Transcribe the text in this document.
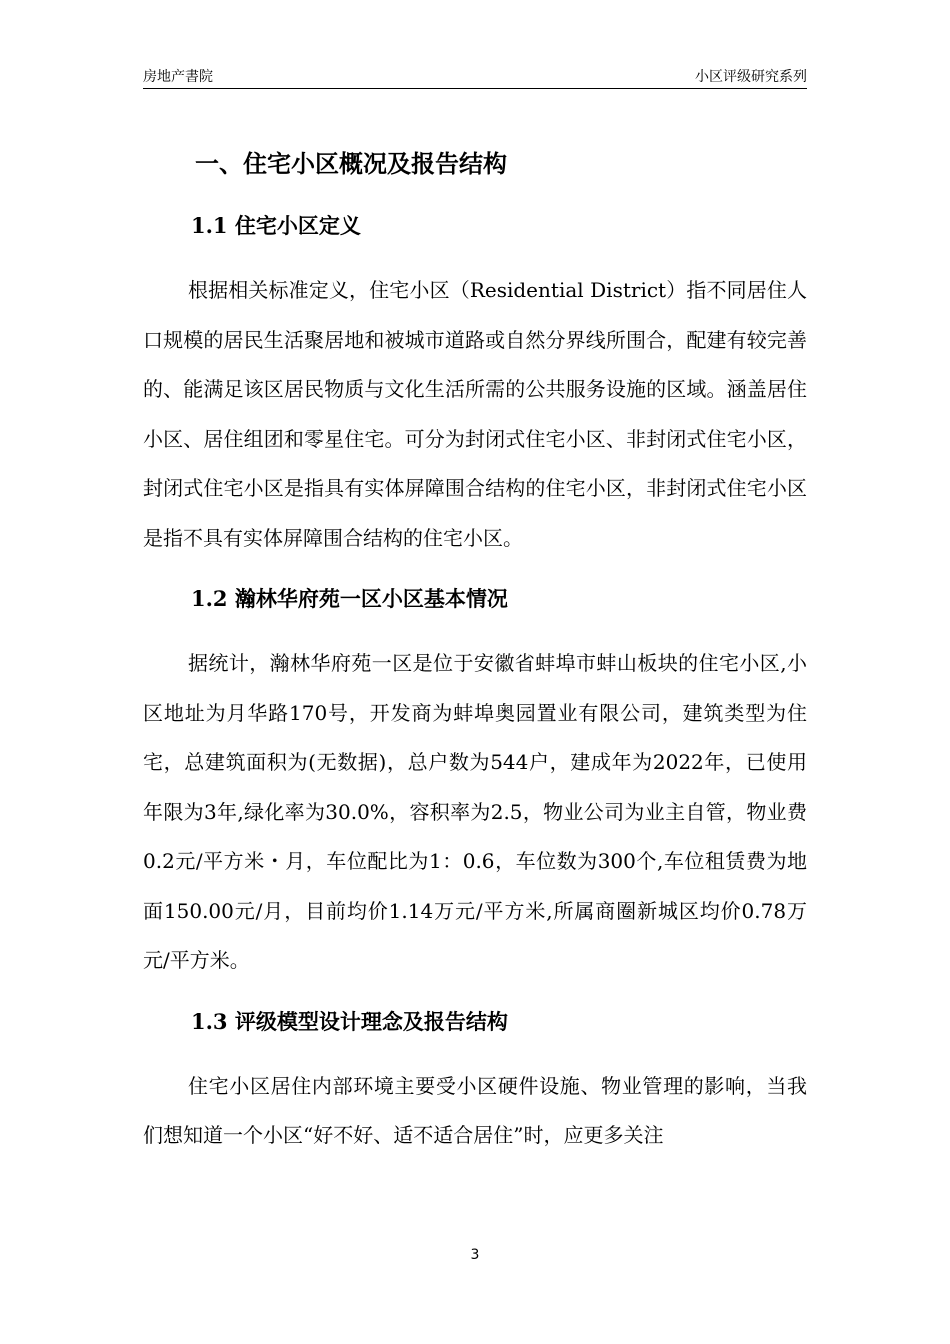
房地产書院	小区评级研究系列
一、住宅小区概况及报告结构
1.1 住宅小区定义

根据相关标准定义，住宅小区（Residential District）指不同居住人口规模的居民生活聚居地和被城市道路或自然分界线所围合，配建有较完善的、能满足该区居民物质与文化生活所需的公共服务设施的区域。涵盖居住小区、居住组团和零星住宅。可分为封闭式住宅小区、非封闭式住宅小区，封闭式住宅小区是指具有实体屏障围合结构的住宅小区，非封闭式住宅小区是指不具有实体屏障围合结构的住宅小区。

1.2 瀚林华府苑一区小区基本情况

据统计，瀚林华府苑一区是位于安徽省蚌埠市蚌山板块的住宅小区,小区地址为月华路170号，开发商为蚌埠奥园置业有限公司，建筑类型为住宅，总建筑面积为(无数据)，总户数为544户，建成年为2022年，已使用年限为3年,绿化率为30.0%，容积率为2.5，物业公司为业主自管，物业费0.2元/平方米・月，车位配比为1：0.6，车位数为300个,车位租赁费为地面150.00元/月，目前均价1.14万元/平方米,所属商圈新城区均价0.78万元/平方米。

1.3 评级模型设计理念及报告结构

住宅小区居住内部环境主要受小区硬件设施、物业管理的影响，当我们想知道一个小区“好不好、适不适合居住”时，应更多关注

3
